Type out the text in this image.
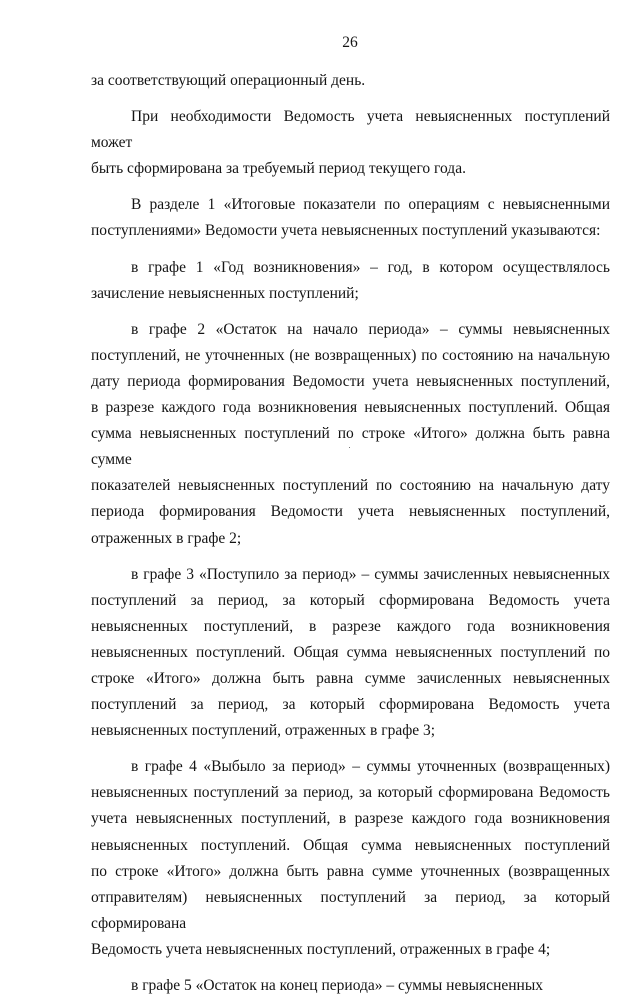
26
за соответствующий операционный день.
При необходимости Ведомость учета невыясненных поступлений может
быть сформирована за требуемый период текущего года.
В разделе 1 «Итоговые показатели по операциям с невыясненными
поступлениями» Ведомости учета невыясненных поступлений указываются:
в графе 1 «Год возникновения» – год, в котором осуществлялось
зачисление невыясненных поступлений;
в графе 2 «Остаток на начало периода» – суммы невыясненных
поступлений, не уточненных (не возвращенных) по состоянию на начальную
дату периода формирования Ведомости учета невыясненных поступлений,
в разрезе каждого года возникновения невыясненных поступлений. Общая
сумма невыясненных поступлений по строке «Итого» должна быть равна сумме
показателей невыясненных поступлений по состоянию на начальную дату
периода формирования Ведомости учета невыясненных поступлений,
отраженных в графе 2;
в графе 3 «Поступило за период» – суммы зачисленных невыясненных
поступлений за период, за который сформирована Ведомость учета
невыясненных поступлений, в разрезе каждого года возникновения
невыясненных поступлений. Общая сумма невыясненных поступлений по
строке «Итого» должна быть равна сумме зачисленных невыясненных
поступлений за период, за который сформирована Ведомость учета
невыясненных поступлений, отраженных в графе 3;
в графе 4 «Выбыло за период» – суммы уточненных (возвращенных)
невыясненных поступлений за период, за который сформирована Ведомость
учета невыясненных поступлений, в разрезе каждого года возникновения
невыясненных поступлений. Общая сумма невыясненных поступлений
по строке «Итого» должна быть равна сумме уточненных (возвращенных
отправителям) невыясненных поступлений за период, за который сформирована
Ведомость учета невыясненных поступлений, отраженных в графе 4;
в графе 5 «Остаток на конец периода» – суммы невыясненных
